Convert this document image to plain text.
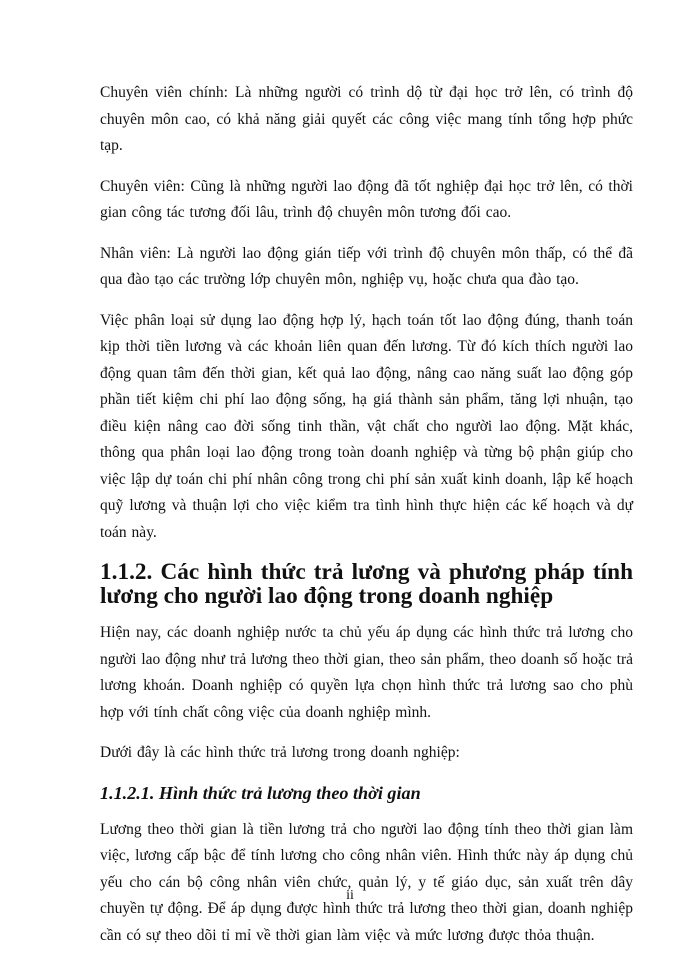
Chuyên viên chính: Là những người có trình dộ từ đại học trở lên, có trình độ chuyên môn cao, có khả năng giải quyết các công việc mang tính tổng hợp phức tạp.

Chuyên viên: Cũng là những người lao động đã tốt nghiệp đại học trở lên, có thời gian công tác tương đối lâu, trình độ chuyên môn tương đối cao.

Nhân viên: Là người lao động gián tiếp với trình độ chuyên môn thấp, có thể đã qua đào tạo các trường lớp chuyên môn, nghiệp vụ, hoặc chưa qua đào tạo.

Việc phân loại sử dụng lao động hợp lý, hạch toán tốt lao động đúng, thanh toán kịp thời tiền lương và các khoản liên quan đến lương. Từ đó kích thích người lao động quan tâm đến thời gian, kết quả lao động, nâng cao năng suất lao động góp phần tiết kiệm chi phí lao động sống, hạ giá thành sản phẩm, tăng lợi nhuận, tạo điều kiện nâng cao đời sống tinh thần, vật chất cho người lao động. Mặt khác, thông qua phân loại lao động trong toàn doanh nghiệp và từng bộ phận giúp cho việc lập dự toán chi phí nhân công trong chi phí sản xuất kinh doanh, lập kế hoạch quỹ lương và thuận lợi cho việc kiểm tra tình hình thực hiện các kế hoạch và dự toán này.

1.1.2. Các hình thức trả lương và phương pháp tính lương cho người lao động trong doanh nghiệp

Hiện nay, các doanh nghiệp nước ta chủ yếu áp dụng các hình thức trả lương cho người lao động như trả lương theo thời gian, theo sản phẩm, theo doanh số hoặc trả lương khoán. Doanh nghiệp có quyền lựa chọn hình thức trả lương sao cho phù hợp với tính chất công việc của doanh nghiệp mình.

Dưới đây là các hình thức trả lương trong doanh nghiệp:

1.1.2.1. Hình thức trả lương theo thời gian

Lương theo thời gian là tiền lương trả cho người lao động tính theo thời gian làm việc, lương cấp bậc để tính lương cho công nhân viên. Hình thức này áp dụng chủ yếu cho cán bộ công nhân viên chức, quản lý, y tế giáo dục, sản xuất trên dây chuyền tự động. Để áp dụng được hình thức trả lương theo thời gian, doanh nghiệp cần có sự theo dõi tỉ mỉ về thời gian làm việc và mức lương được thỏa thuận.

ii
